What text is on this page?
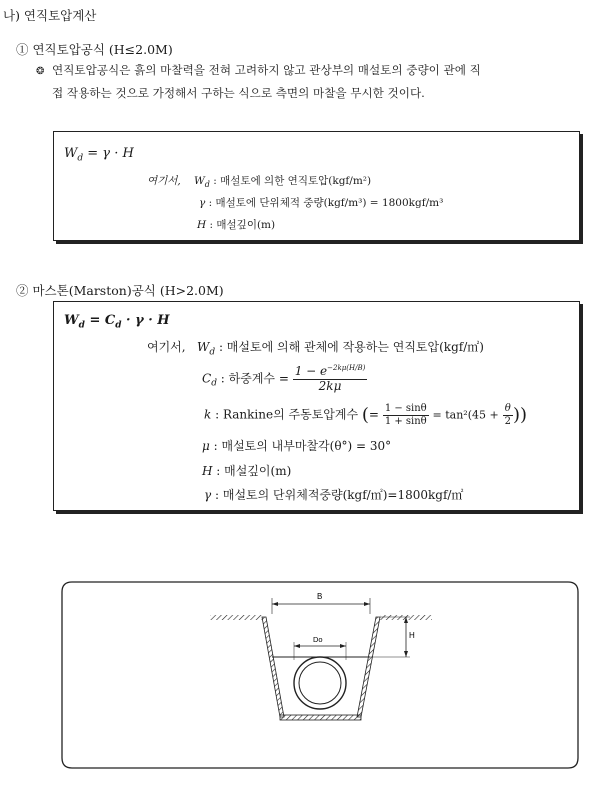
나) 연직토압계산
① 연직토압공식 (H≤2.0M)
❂ 연직토압공식은 흙의 마찰력을 전혀 고려하지 않고 관상부의 매설토의 중량이 관에 직
접 작용하는 것으로 가정해서 구하는 식으로 측면의 마찰을 무시한 것이다.
$W_d = \gamma \cdot H$
여기서, $W_d$ : 매설토에 의한 연직토압(kgf/m²)
γ : 매설토에 단위체적 중량(kgf/m³) = 1800kgf/m³
H : 매설깊이(m)
② 마스톤(Marston)공식 (H>2.0M)
$W_d = C_d \cdot \gamma \cdot H$
여기서, $W_d$ : 매설토에 의해 관체에 작용하는 연직토압(kgf/㎡)
$C_d$ : 하중계수 = $\frac{1 - e^{-2k\mu(H/B)}}{2k\mu}$
k : Rankine의 주동토압계수 (= $\frac{1 - \sin\theta}{1 + \sin\theta} = \tan^2(45 + \frac{\theta}{2}$ ))
μ : 매설토의 내부마찰각(θ°) = 30°
H : 매설깊이(m)
γ : 매설토의 단위체적중량(kgf/㎡)=1800kgf/㎡
B
H
Do
